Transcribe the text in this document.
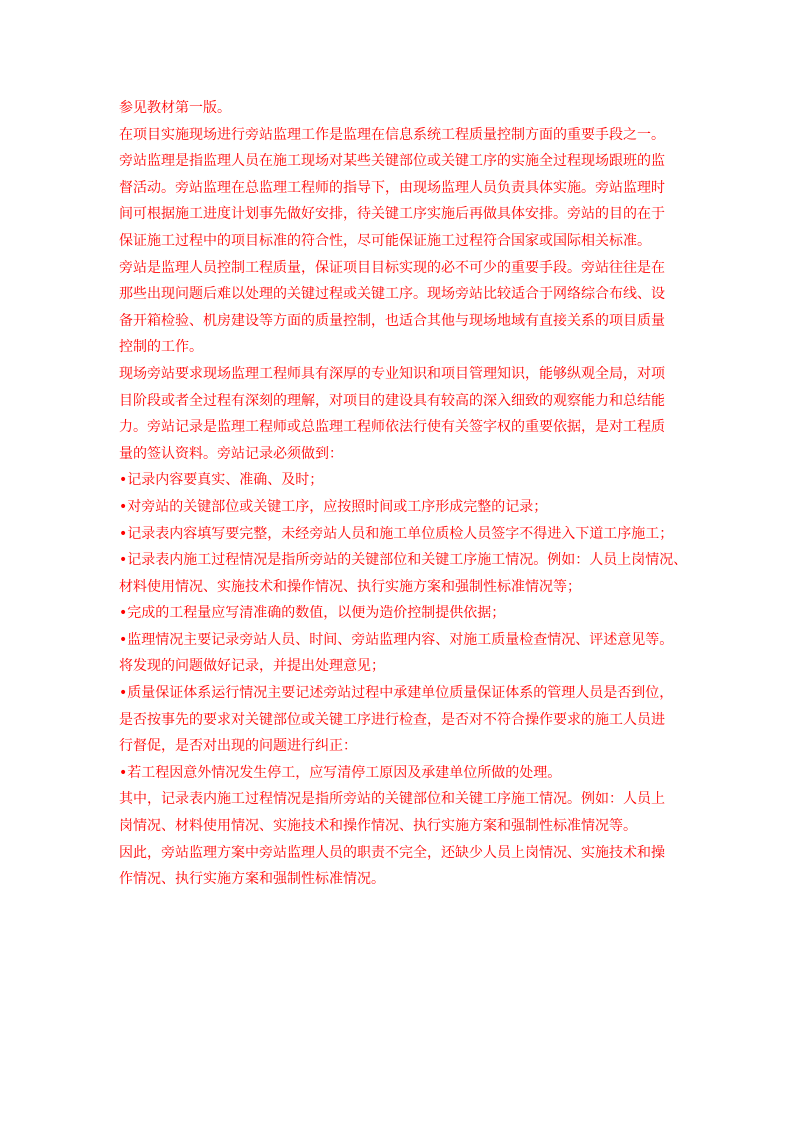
参见教材第一版。

在项目实施现场进行旁站监理工作是监理在信息系统工程质量控制方面的重要手段之一。

旁站监理是指监理人员在施工现场对某些关键部位或关键工序的实施全过程现场跟班的监

督活动。旁站监理在总监理工程师的指导下，由现场监理人员负责具体实施。旁站监理时

间可根据施工进度计划事先做好安排，待关键工序实施后再做具体安排。旁站的目的在于

保证施工过程中的项目标准的符合性，尽可能保证施工过程符合国家或国际相关标准。

旁站是监理人员控制工程质量，保证项目目标实现的必不可少的重要手段。旁站往往是在

那些出现问题后难以处理的关键过程或关键工序。现场旁站比较适合于网络综合布线、设

备开箱检验、机房建设等方面的质量控制，也适合其他与现场地域有直接关系的项目质量

控制的工作。

现场旁站要求现场监理工程师具有深厚的专业知识和项目管理知识，能够纵观全局，对项

目阶段或者全过程有深刻的理解，对项目的建设具有较高的深入细致的观察能力和总结能

力。旁站记录是监理工程师或总监理工程师依法行使有关签字权的重要依据，是对工程质

量的签认资料。旁站记录必须做到：

•记录内容要真实、准确、及时；

•对旁站的关键部位或关键工序，应按照时间或工序形成完整的记录；

•记录表内容填写要完整，未经旁站人员和施工单位质检人员签字不得进入下道工序施工；

•记录表内施工过程情况是指所旁站的关键部位和关键工序施工情况。例如：人员上岗情况、

材料使用情况、实施技术和操作情况、执行实施方案和强制性标准情况等；

•完成的工程量应写清准确的数值，以便为造价控制提供依据；

•监理情况主要记录旁站人员、时间、旁站监理内容、对施工质量检查情况、评述意见等。

将发现的问题做好记录，并提出处理意见；

•质量保证体系运行情况主要记述旁站过程中承建单位质量保证体系的管理人员是否到位，

是否按事先的要求对关键部位或关键工序进行检查，是否对不符合操作要求的施工人员进

行督促，是否对出现的问题进行纠正：

•若工程因意外情况发生停工，应写清停工原因及承建单位所做的处理。

其中，记录表内施工过程情况是指所旁站的关键部位和关键工序施工情况。例如：人员上

岗情况、材料使用情况、实施技术和操作情况、执行实施方案和强制性标准情况等。

因此，旁站监理方案中旁站监理人员的职责不完全，还缺少人员上岗情况、实施技术和操

作情况、执行实施方案和强制性标准情况。
